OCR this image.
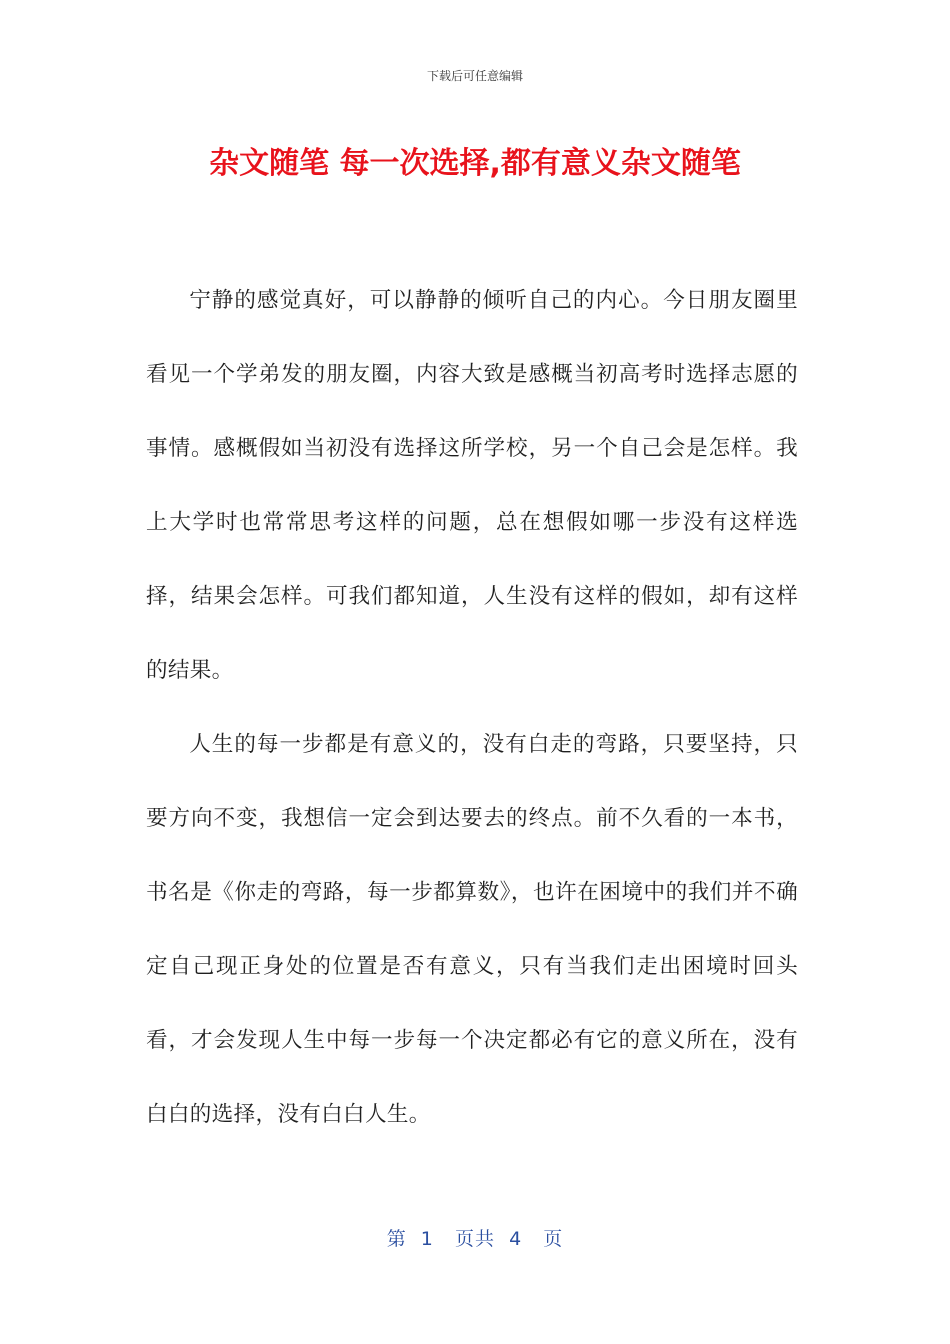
下载后可任意编辑
杂文随笔 每一次选择,都有意义杂文随笔

宁静的感觉真好，可以静静的倾听自己的内心。今日朋友圈里看见一个学弟发的朋友圈，内容大致是感概当初高考时选择志愿的事情。感概假如当初没有选择这所学校，另一个自己会是怎样。我上大学时也常常思考这样的问题，总在想假如哪一步没有这样选择，结果会怎样。可我们都知道，人生没有这样的假如，却有这样的结果。

人生的每一步都是有意义的，没有白走的弯路，只要坚持，只要方向不变，我想信一定会到达要去的终点。前不久看的一本书，书名是《你走的弯路，每一步都算数》，也许在困境中的我们并不确定自己现正身处的位置是否有意义，只有当我们走出困境时回头看，才会发现人生中每一步每一个决定都必有它的意义所在，没有白白的选择，没有白白人生。

第  1   页共  4   页
